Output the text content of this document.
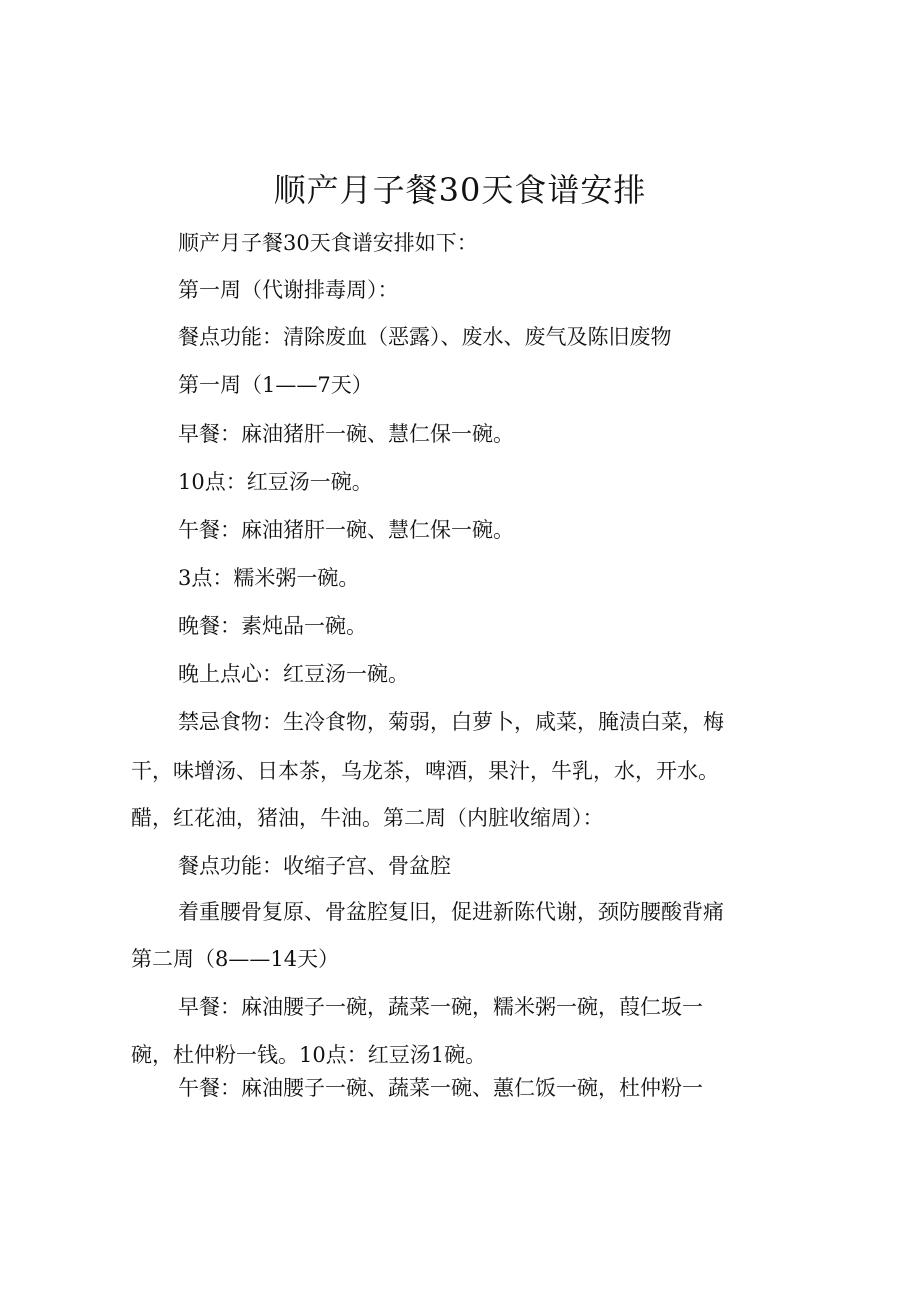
顺产月子餐30天食谱安排
顺产月子餐30天食谱安排如下：
第一周（代谢排毒周）：
餐点功能：清除废血（恶露）、废水、废气及陈旧废物
第一周（1——7天）
早餐：麻油猪肝一碗、慧仁保一碗。
10点：红豆汤一碗。
午餐：麻油猪肝一碗、慧仁保一碗。
3点：糯米粥一碗。
晚餐：素炖品一碗。
晚上点心：红豆汤一碗。
禁忌食物：生冷食物，菊弱，白萝卜，咸菜，腌渍白菜，梅
干，味增汤、日本茶，乌龙茶，啤酒，果汁，牛乳，水，开水。
醋，红花油，猪油，牛油。第二周（内脏收缩周）：
餐点功能：收缩子宫、骨盆腔
着重腰骨复原、骨盆腔复旧，促进新陈代谢，颈防腰酸背痛
第二周（8——14天）
早餐：麻油腰子一碗，蔬菜一碗，糯米粥一碗，葭仁坂一
碗，杜仲粉一钱。10点：红豆汤1碗。
午餐：麻油腰子一碗、蔬菜一碗、蕙仁饭一碗，杜仲粉一
